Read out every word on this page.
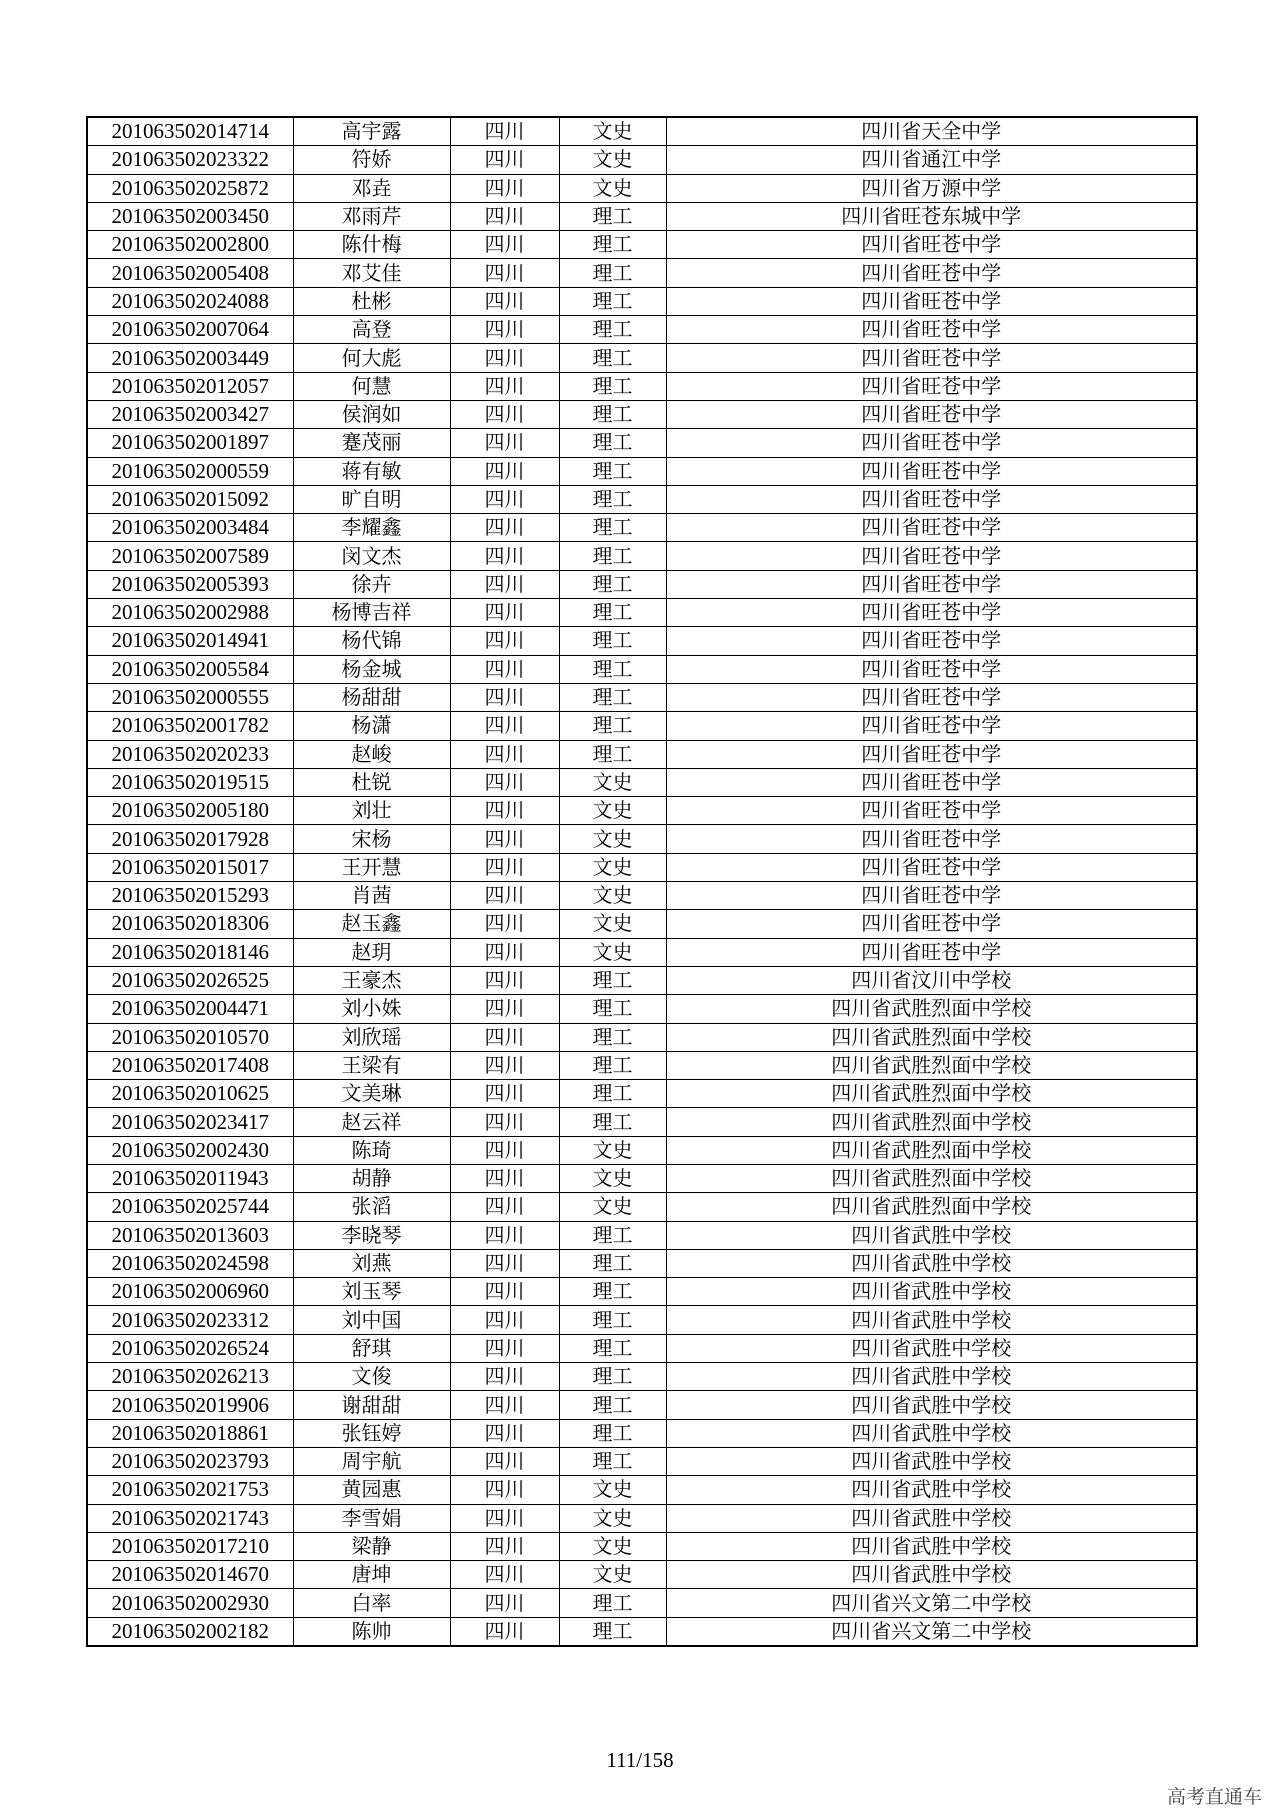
201063502014714	高宇露	四川	文史	四川省天全中学
201063502023322	符娇	四川	文史	四川省通江中学
201063502025872	邓垚	四川	文史	四川省万源中学
201063502003450	邓雨芹	四川	理工	四川省旺苍东城中学
201063502002800	陈什梅	四川	理工	四川省旺苍中学
201063502005408	邓艾佳	四川	理工	四川省旺苍中学
201063502024088	杜彬	四川	理工	四川省旺苍中学
201063502007064	高登	四川	理工	四川省旺苍中学
201063502003449	何大彪	四川	理工	四川省旺苍中学
201063502012057	何慧	四川	理工	四川省旺苍中学
201063502003427	侯润如	四川	理工	四川省旺苍中学
201063502001897	蹇茂丽	四川	理工	四川省旺苍中学
201063502000559	蒋有敏	四川	理工	四川省旺苍中学
201063502015092	旷自明	四川	理工	四川省旺苍中学
201063502003484	李耀鑫	四川	理工	四川省旺苍中学
201063502007589	闵文杰	四川	理工	四川省旺苍中学
201063502005393	徐卉	四川	理工	四川省旺苍中学
201063502002988	杨博吉祥	四川	理工	四川省旺苍中学
201063502014941	杨代锦	四川	理工	四川省旺苍中学
201063502005584	杨金城	四川	理工	四川省旺苍中学
201063502000555	杨甜甜	四川	理工	四川省旺苍中学
201063502001782	杨潇	四川	理工	四川省旺苍中学
201063502020233	赵峻	四川	理工	四川省旺苍中学
201063502019515	杜锐	四川	文史	四川省旺苍中学
201063502005180	刘壮	四川	文史	四川省旺苍中学
201063502017928	宋杨	四川	文史	四川省旺苍中学
201063502015017	王开慧	四川	文史	四川省旺苍中学
201063502015293	肖茜	四川	文史	四川省旺苍中学
201063502018306	赵玉鑫	四川	文史	四川省旺苍中学
201063502018146	赵玥	四川	文史	四川省旺苍中学
201063502026525	王豪杰	四川	理工	四川省汶川中学校
201063502004471	刘小姝	四川	理工	四川省武胜烈面中学校
201063502010570	刘欣瑶	四川	理工	四川省武胜烈面中学校
201063502017408	王梁有	四川	理工	四川省武胜烈面中学校
201063502010625	文美琳	四川	理工	四川省武胜烈面中学校
201063502023417	赵云祥	四川	理工	四川省武胜烈面中学校
201063502002430	陈琦	四川	文史	四川省武胜烈面中学校
201063502011943	胡静	四川	文史	四川省武胜烈面中学校
201063502025744	张滔	四川	文史	四川省武胜烈面中学校
201063502013603	李晓琴	四川	理工	四川省武胜中学校
201063502024598	刘燕	四川	理工	四川省武胜中学校
201063502006960	刘玉琴	四川	理工	四川省武胜中学校
201063502023312	刘中国	四川	理工	四川省武胜中学校
201063502026524	舒琪	四川	理工	四川省武胜中学校
201063502026213	文俊	四川	理工	四川省武胜中学校
201063502019906	谢甜甜	四川	理工	四川省武胜中学校
201063502018861	张钰婷	四川	理工	四川省武胜中学校
201063502023793	周宇航	四川	理工	四川省武胜中学校
201063502021753	黄园惠	四川	文史	四川省武胜中学校
201063502021743	李雪娟	四川	文史	四川省武胜中学校
201063502017210	梁静	四川	文史	四川省武胜中学校
201063502014670	唐坤	四川	文史	四川省武胜中学校
201063502002930	白率	四川	理工	四川省兴文第二中学校
201063502002182	陈帅	四川	理工	四川省兴文第二中学校
111/158
高考直通车
